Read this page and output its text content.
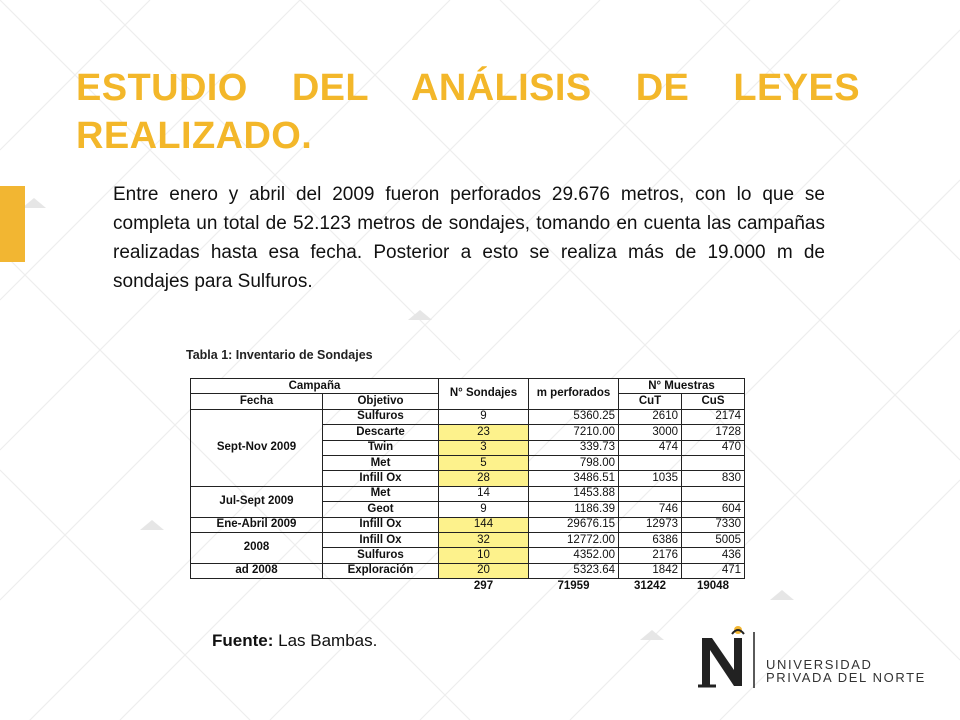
ESTUDIO DEL ANÁLISIS DE LEYES REALIZADO.

Entre enero y abril del 2009 fueron perforados 29.676 metros, con lo que se completa un total de 52.123 metros de sondajes, tomando en cuenta las campañas realizadas hasta esa fecha. Posterior a esto se realiza más de 19.000 m de sondajes para Sulfuros.

Tabla 1: Inventario de Sondajes
Campaña		N° Sondajes	m perforados	N° Muestras	
Fecha	Objetivo			CuT	CuS
Sept-Nov 2009	Sulfuros	9	5360.25	2610	2174
	Descarte	23	7210.00	3000	1728
	Twin	3	339.73	474	470
	Met	5	798.00		
	Infill Ox	28	3486.51	1035	830
Jul-Sept 2009	Met	14	1453.88		
	Geot	9	1186.39	746	604
Ene-Abril 2009	Infill Ox	144	29676.15	12973	7330
2008	Infill Ox	32	12772.00	6386	5005
	Sulfuros	10	4352.00	2176	436
ad 2008	Exploración	20	5323.64	1842	471
		297	71959	31242	19048
Fuente: Las Bambas.
UNIVERSIDAD
PRIVADA DEL NORTE
